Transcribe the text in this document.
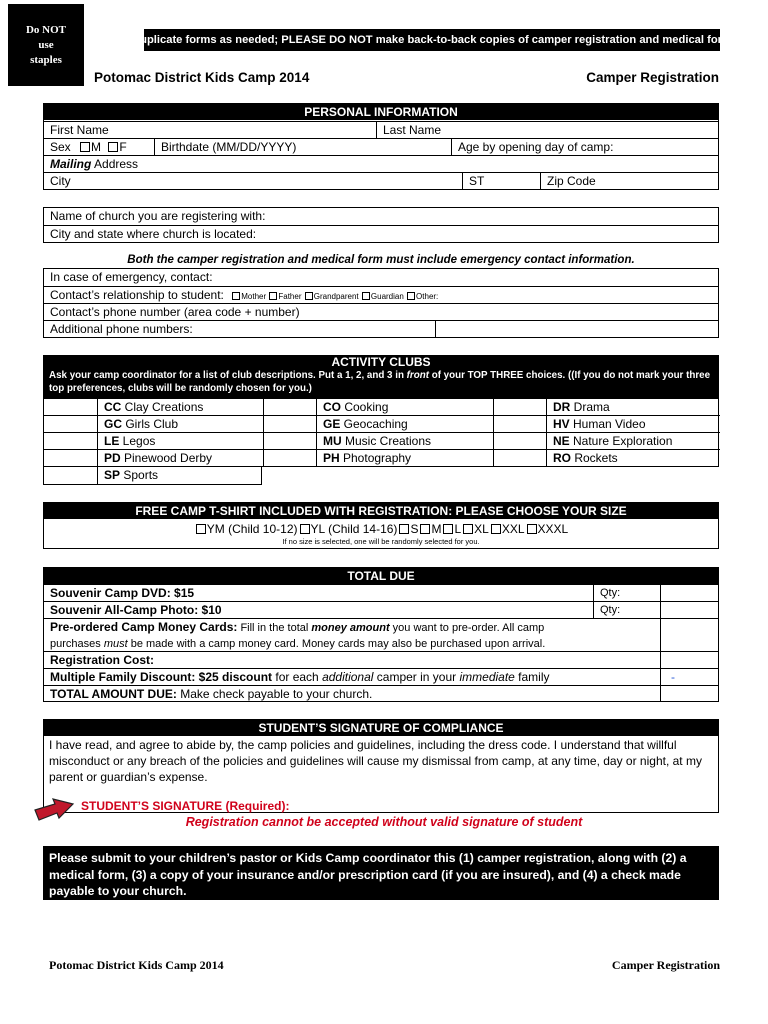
Do NOT
use
staples
Duplicate forms as needed; PLEASE DO NOT make back-to-back copies of camper registration and medical form
Potomac District Kids Camp 2014	Camper Registration
PERSONAL INFORMATION
First Name	Last Name
Sex M F	Birthdate (MM/DD/YYYY)	Age by opening day of camp:
Mailing Address
City	ST	Zip Code
Name of church you are registering with:
City and state where church is located:
Both the camper registration and medical form must include emergency contact information.
In case of emergency, contact:
Contact’s relationship to student: Mother Father Grandparent Guardian Other:
Contact’s phone number (area code + number)
Additional phone numbers:
ACTIVITY CLUBS
Ask your camp coordinator for a list of club descriptions. Put a 1, 2, and 3 in front of your TOP THREE choices. ((If you do not mark your three top preferences, clubs will be randomly chosen for you.)
CC Clay Creations	CO Cooking	DR Drama
GC Girls Club	GE Geocaching	HV Human Video
LE Legos	MU Music Creations	NE Nature Exploration
PD Pinewood Derby	PH Photography	RO Rockets
SP Sports
FREE CAMP T-SHIRT INCLUDED WITH REGISTRATION: PLEASE CHOOSE YOUR SIZE
YM (Child 10-12) YL (Child 14-16) S M L XL XXL XXXL
If no size is selected, one will be randomly selected for you.
TOTAL DUE
Souvenir Camp DVD: $15	Qty:
Souvenir All-Camp Photo: $10	Qty:
Pre-ordered Camp Money Cards: Fill in the total money amount you want to pre-order. All camp
purchases must be made with a camp money card. Money cards may also be purchased upon arrival.
Registration Cost:
Multiple Family Discount: $25 discount for each additional camper in your immediate family	-
TOTAL AMOUNT DUE: Make check payable to your church.
STUDENT’S SIGNATURE OF COMPLIANCE
I have read, and agree to abide by, the camp policies and guidelines, including the dress code. I understand that willful misconduct or any breach of the policies and guidelines will cause my dismissal from camp, at any time, day or night, at my parent or guardian’s expense.
STUDENT’S SIGNATURE (Required):
Registration cannot be accepted without valid signature of student
Please submit to your children’s pastor or Kids Camp coordinator this (1) camper registration, along with (2) a medical form, (3) a copy of your insurance and/or prescription card (if you are insured), and (4) a check made payable to your church.
Potomac District Kids Camp 2014	Camper Registration
